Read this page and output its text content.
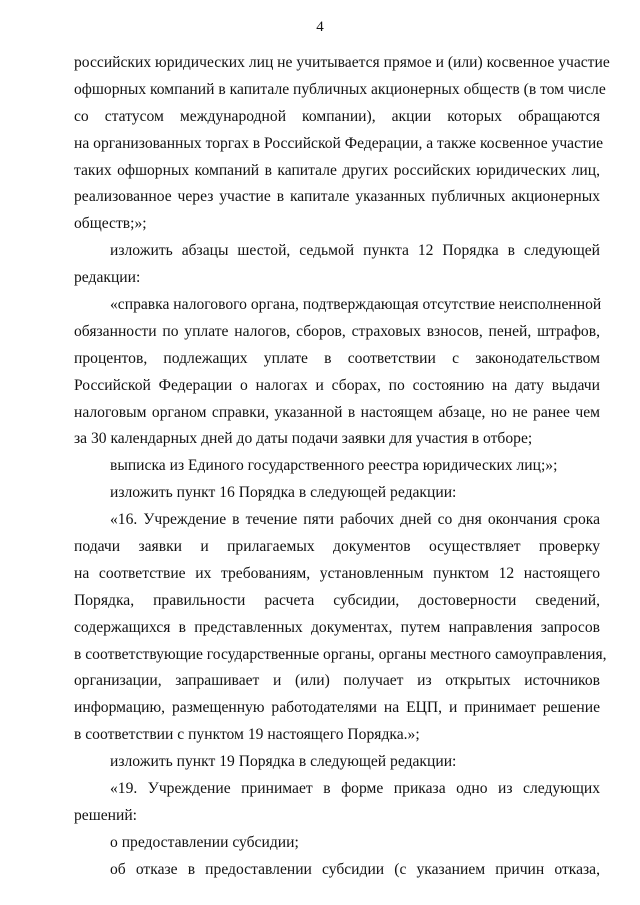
4
российских юридических лиц не учитывается прямое и (или) косвенное участие
офшорных компаний в капитале публичных акционерных обществ (в том числе
со статусом международной компании), акции которых обращаются
на организованных торгах в Российской Федерации, а также косвенное участие
таких офшорных компаний в капитале других российских юридических лиц,
реализованное через участие в капитале указанных публичных акционерных
обществ;»;
изложить абзацы шестой, седьмой пункта 12 Порядка в следующей
редакции:
«справка налогового органа, подтверждающая отсутствие неисполненной
обязанности по уплате налогов, сборов, страховых взносов, пеней, штрафов,
процентов, подлежащих уплате в соответствии с законодательством
Российской Федерации о налогах и сборах, по состоянию на дату выдачи
налоговым органом справки, указанной в настоящем абзаце, но не ранее чем
за 30 календарных дней до даты подачи заявки для участия в отборе;
выписка из Единого государственного реестра юридических лиц;»;
изложить пункт 16 Порядка в следующей редакции:
«16. Учреждение в течение пяти рабочих дней со дня окончания срока
подачи заявки и прилагаемых документов осуществляет проверку
на соответствие их требованиям, установленным пунктом 12 настоящего
Порядка, правильности расчета субсидии, достоверности сведений,
содержащихся в представленных документах, путем направления запросов
в соответствующие государственные органы, органы местного самоуправления,
организации, запрашивает и (или) получает из открытых источников
информацию, размещенную работодателями на ЕЦП, и принимает решение
в соответствии с пунктом 19 настоящего Порядка.»;
изложить пункт 19 Порядка в следующей редакции:
«19. Учреждение принимает в форме приказа одно из следующих
решений:
о предоставлении субсидии;
об отказе в предоставлении субсидии (с указанием причин отказа,
